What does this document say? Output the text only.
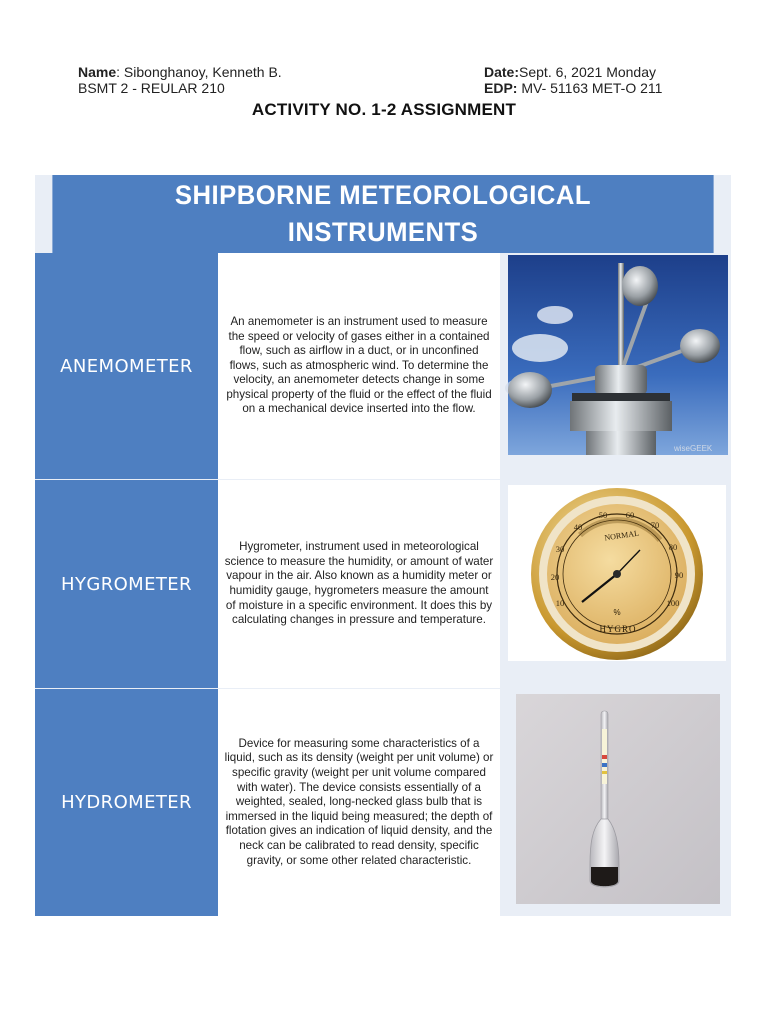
Name: Sibonghanoy, Kenneth B.
BSMT 2 - REULAR 210
Date:Sept. 6, 2021 Monday
EDP: MV- 51163 MET-O 211
ACTIVITY NO. 1-2 ASSIGNMENT
SHIPBORNE METEOROLOGICAL
INSTRUMENTS
ANEMOMETER
An anemometer is an instrument used to measure the speed or velocity of gases either in a contained flow, such as airflow in a duct, or in unconfined flows, such as atmospheric wind. To determine the velocity, an anemometer detects change in some physical property of the fluid or the effect of the fluid on a mechanical device inserted into the flow.
wiseGEEK
HYGROMETER
Hygrometer, instrument used in meteorological science to measure the humidity, or amount of water vapour in the air. Also known as a humidity meter or humidity gauge, hygrometers measure the amount of moisture in a specific environment. It does this by calculating changes in pressure and temperature.
10
20
30
40
50 60
70
80
90
100
NORMAL
%
HYGRO
HYDROMETER
Device for measuring some characteristics of a liquid, such as its density (weight per unit volume) or specific gravity (weight per unit volume compared with water). The device consists essentially of a weighted, sealed, long-necked glass bulb that is immersed in the liquid being measured; the depth of flotation gives an indication of liquid density, and the neck can be calibrated to read density, specific gravity, or some other related characteristic.
